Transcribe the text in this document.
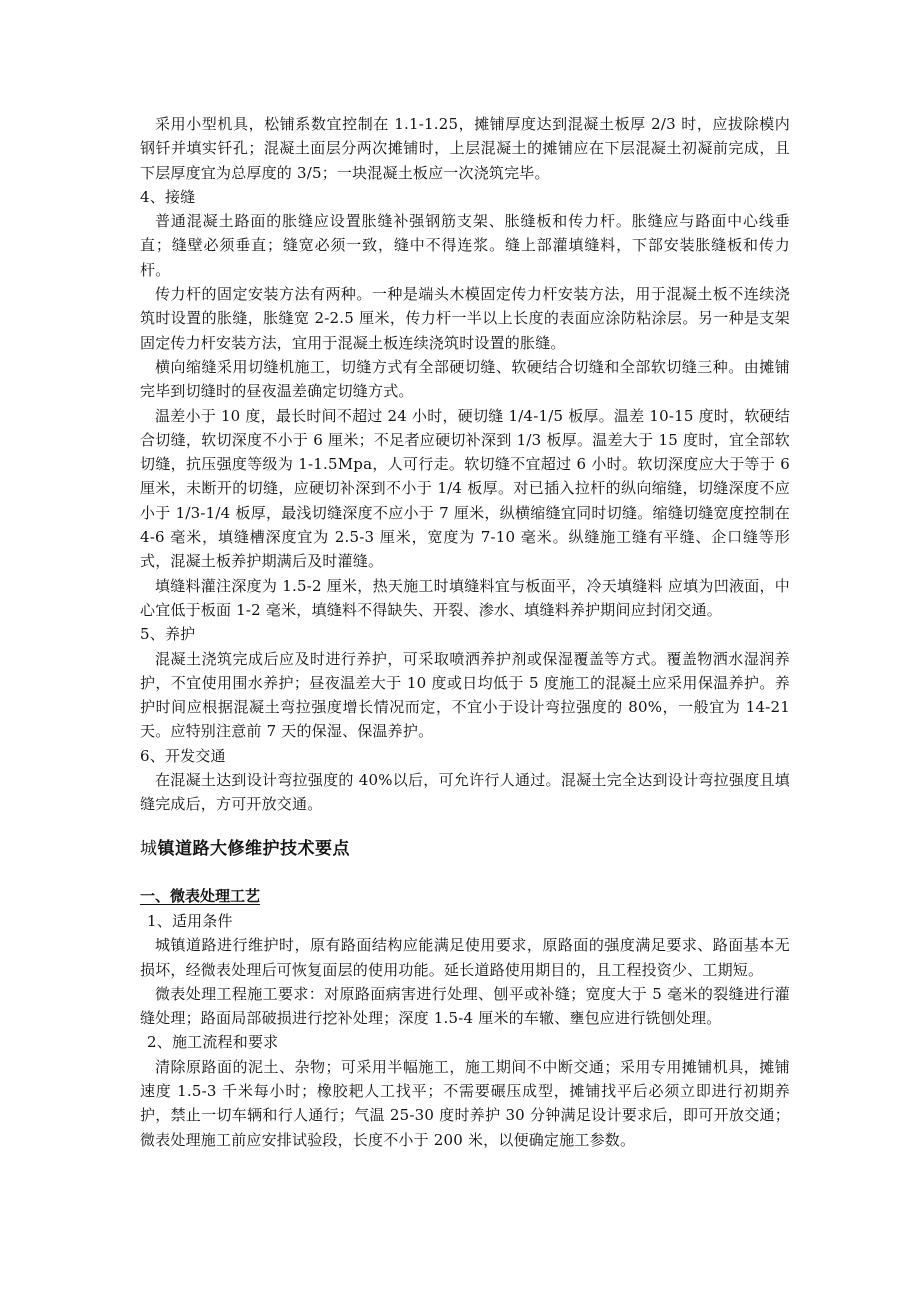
采用小型机具，松铺系数宜控制在 1.1-1.25，摊铺厚度达到混凝土板厚 2/3 时，应拔除模内钢钎并填实钎孔；混凝土面层分两次摊铺时，上层混凝土的摊铺应在下层混凝土初凝前完成，且下层厚度宜为总厚度的 3/5；一块混凝土板应一次浇筑完毕。

4、接缝

普通混凝土路面的胀缝应设置胀缝补强钢筋支架、胀缝板和传力杆。胀缝应与路面中心线垂直；缝壁必须垂直；缝宽必须一致，缝中不得连浆。缝上部灌填缝料，下部安装胀缝板和传力杆。

传力杆的固定安装方法有两种。一种是端头木模固定传力杆安装方法，用于混凝土板不连续浇筑时设置的胀缝，胀缝宽 2-2.5 厘米，传力杆一半以上长度的表面应涂防粘涂层。另一种是支架固定传力杆安装方法，宜用于混凝土板连续浇筑时设置的胀缝。

横向缩缝采用切缝机施工，切缝方式有全部硬切缝、软硬结合切缝和全部软切缝三种。由摊铺完毕到切缝时的昼夜温差确定切缝方式。

温差小于 10 度，最长时间不超过 24 小时，硬切缝 1/4-1/5 板厚。温差 10-15 度时，软硬结合切缝，软切深度不小于 6 厘米；不足者应硬切补深到 1/3 板厚。温差大于 15 度时，宜全部软切缝，抗压强度等级为 1-1.5Mpa，人可行走。软切缝不宜超过 6 小时。软切深度应大于等于 6 厘米，未断开的切缝，应硬切补深到不小于 1/4 板厚。对已插入拉杆的纵向缩缝，切缝深度不应小于 1/3-1/4 板厚，最浅切缝深度不应小于 7 厘米，纵横缩缝宜同时切缝。缩缝切缝宽度控制在 4-6 毫米，填缝槽深度宜为 2.5-3 厘米，宽度为 7-10 毫米。纵缝施工缝有平缝、企口缝等形式，混凝土板养护期满后及时灌缝。

填缝料灌注深度为 1.5-2 厘米，热天施工时填缝料宜与板面平，冷天填缝料 应填为凹液面，中心宜低于板面 1-2 毫米，填缝料不得缺失、开裂、渗水、填缝料养护期间应封闭交通。

5、养护

混凝土浇筑完成后应及时进行养护，可采取喷洒养护剂或保湿覆盖等方式。覆盖物洒水湿润养护，不宜使用围水养护；昼夜温差大于 10 度或日均低于 5 度施工的混凝土应采用保温养护。养护时间应根据混凝土弯拉强度增长情况而定，不宜小于设计弯拉强度的 80%，一般宜为 14-21 天。应特别注意前 7 天的保湿、保温养护。

6、开发交通

在混凝土达到设计弯拉强度的 40%以后，可允许行人通过。混凝土完全达到设计弯拉强度且填缝完成后，方可开放交通。

城镇道路大修维护技术要点
一、微表处理工艺

1、适用条件

城镇道路进行维护时，原有路面结构应能满足使用要求，原路面的强度满足要求、路面基本无损坏，经微表处理后可恢复面层的使用功能。延长道路使用期目的，且工程投资少、工期短。

微表处理工程施工要求：对原路面病害进行处理、刨平或补缝；宽度大于 5 毫米的裂缝进行灌缝处理；路面局部破损进行挖补处理；深度 1.5-4 厘米的车辙、壅包应进行铣刨处理。

2、施工流程和要求

清除原路面的泥土、杂物；可采用半幅施工，施工期间不中断交通；采用专用摊铺机具，摊铺速度 1.5-3 千米每小时；橡胶耙人工找平；不需要碾压成型，摊铺找平后必须立即进行初期养护，禁止一切车辆和行人通行；气温 25-30 度时养护 30 分钟满足设计要求后，即可开放交通；微表处理施工前应安排试验段，长度不小于 200 米，以便确定施工参数。
